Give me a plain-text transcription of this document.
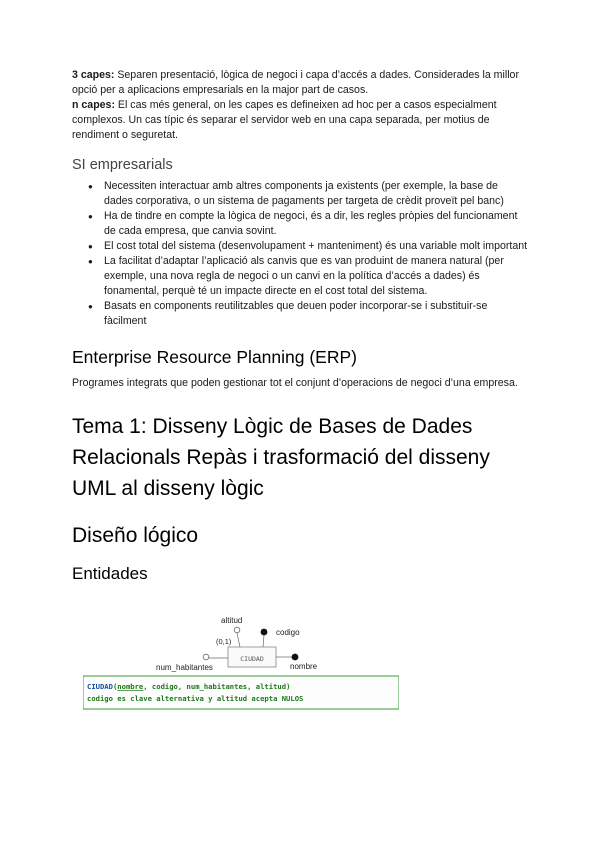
3 capes: Separen presentació, lògica de negoci i capa d’accés a dades. Considerades la millor opció per a aplicacions empresarials en la major part de casos.

n capes: El cas més general, on les capes es defineixen ad hoc per a casos especialment complexos. Un cas típic és separar el servidor web en una capa separada, per motius de rendiment o seguretat.

SI empresarials
● Necessiten interactuar amb altres components ja existents (per exemple, la base de dades corporativa, o un sistema de pagaments per targeta de crèdit proveït pel banc)
● Ha de tindre en compte la lògica de negoci, és a dir, les regles pròpies del funcionament de cada empresa, que canvia sovint.
● El cost total del sistema (desenvolupament + manteniment) és una variable molt important
● La facilitat d’adaptar l’aplicació als canvis que es van produint de manera natural (per exemple, una nova regla de negoci o un canvi en la política d’accés a dades) és fonamental, perquè té un impacte directe en el cost total del sistema.
● Basats en components reutilitzables que deuen poder incorporar-se i substituir-se fàcilment
Enterprise Resource Planning (ERP)

Programes integrats que poden gestionar tot el conjunt d’operacions de negoci d’una empresa.

Tema 1: Disseny Lògic de Bases de Dades Relacionals Repàs i trasformació del disseny UML al disseny lògic
Diseño lógico
Entidades
CIUDAD
altitud
(0,1)
codigo
num_habitantes	nombre
CIUDAD(nombre, codigo, num_habitantes, altitud)
codigo es clave alternativa y altitud acepta NULOS
